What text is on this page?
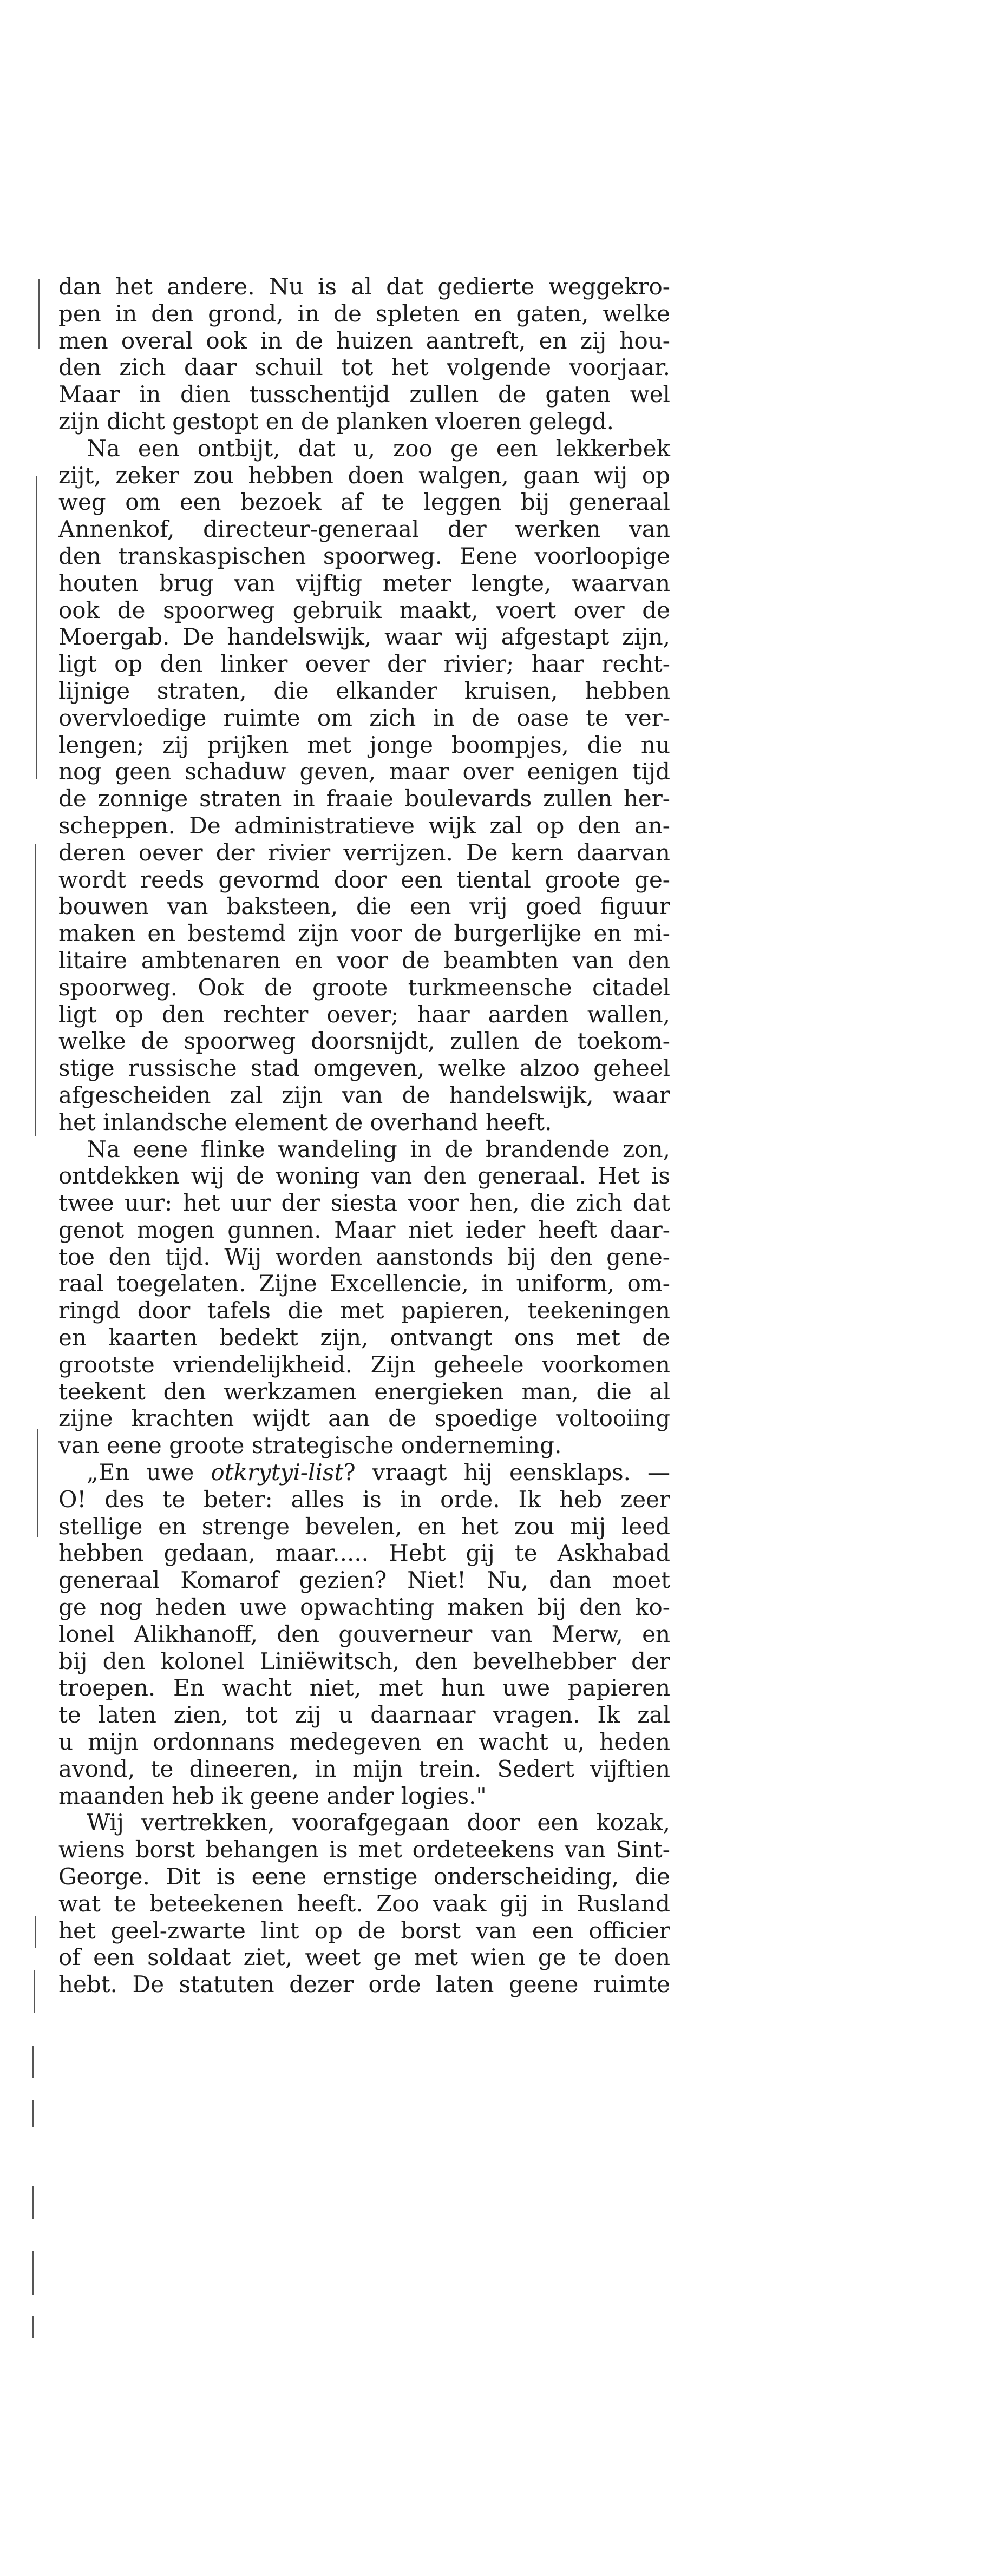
dan het andere. Nu is al dat gedierte weggekro-
pen in den grond, in de spleten en gaten, welke
men overal ook in de huizen aantreft, en zij hou-
den zich daar schuil tot het volgende voorjaar.
Maar in dien tusschentijd zullen de gaten wel
zijn dicht gestopt en de planken vloeren gelegd.
Na een ontbijt, dat u, zoo ge een lekkerbek
zijt, zeker zou hebben doen walgen, gaan wij op
weg om een bezoek af te leggen bij generaal
Annenkof, directeur-generaal der werken van
den transkaspischen spoorweg. Eene voorloopige
houten brug van vijftig meter lengte, waarvan
ook de spoorweg gebruik maakt, voert over de
Moergab. De handelswijk, waar wij afgestapt zijn,
ligt op den linker oever der rivier; haar recht-
lijnige straten, die elkander kruisen, hebben
overvloedige ruimte om zich in de oase te ver-
lengen; zij prijken met jonge boompjes, die nu
nog geen schaduw geven, maar over eenigen tijd
de zonnige straten in fraaie boulevards zullen her-
scheppen. De administratieve wijk zal op den an-
deren oever der rivier verrijzen. De kern daarvan
wordt reeds gevormd door een tiental groote ge-
bouwen van baksteen, die een vrij goed figuur
maken en bestemd zijn voor de burgerlijke en mi-
litaire ambtenaren en voor de beambten van den
spoorweg. Ook de groote turkmeensche citadel
ligt op den rechter oever; haar aarden wallen,
welke de spoorweg doorsnijdt, zullen de toekom-
stige russische stad omgeven, welke alzoo geheel
afgescheiden zal zijn van de handelswijk, waar
het inlandsche element de overhand heeft.
Na eene flinke wandeling in de brandende zon,
ontdekken wij de woning van den generaal. Het is
twee uur: het uur der siesta voor hen, die zich dat
genot mogen gunnen. Maar niet ieder heeft daar-
toe den tijd. Wij worden aanstonds bij den gene-
raal toegelaten. Zijne Excellencie, in uniform, om-
ringd door tafels die met papieren, teekeningen
en kaarten bedekt zijn, ontvangt ons met de
grootste vriendelijkheid. Zijn geheele voorkomen
teekent den werkzamen energieken man, die al
zijne krachten wijdt aan de spoedige voltooiing
van eene groote strategische onderneming.
„En uwe otkrytyi-list? vraagt hij eensklaps. —
O! des te beter: alles is in orde. Ik heb zeer
stellige en strenge bevelen, en het zou mij leed
hebben gedaan, maar..... Hebt gij te Askhabad
generaal Komarof gezien? Niet! Nu, dan moet
ge nog heden uwe opwachting maken bij den ko-
lonel Alikhanoff, den gouverneur van Merw, en
bij den kolonel Liniëwitsch, den bevelhebber der
troepen. En wacht niet, met hun uwe papieren
te laten zien, tot zij u daarnaar vragen. Ik zal
u mijn ordonnans medegeven en wacht u, heden
avond, te dineeren, in mijn trein. Sedert vijftien
maanden heb ik geene ander logies."
Wij vertrekken, voorafgegaan door een kozak,
wiens borst behangen is met ordeteekens van Sint-
George. Dit is eene ernstige onderscheiding, die
wat te beteekenen heeft. Zoo vaak gij in Rusland
het geel-zwarte lint op de borst van een officier
of een soldaat ziet, weet ge met wien ge te doen
hebt. De statuten dezer orde laten geene ruimte
